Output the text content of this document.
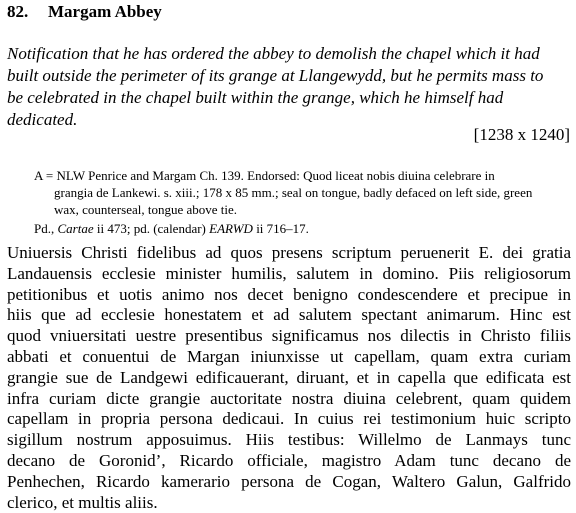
82. Margam Abbey
Notification that he has ordered the abbey to demolish the chapel which it had
built outside the perimeter of its grange at Llangewydd, but he permits mass to
be celebrated in the chapel built within the grange, which he himself had
dedicated.
[1238 x 1240]
A = NLW Penrice and Margam Ch. 139. Endorsed: Quod liceat nobis diuina celebrare in
grangia de Lankewi. s. xiii.; 178 x 85 mm.; seal on tongue, badly defaced on left side, green
wax, counterseal, tongue above tie.
Pd., Cartae ii 473; pd. (calendar) EARWD ii 716–17.
Uniuersis Christi fidelibus ad quos presens scriptum peruenerit E. dei gratia
Landauensis ecclesie minister humilis, salutem in domino. Piis religiosorum
petitionibus et uotis animo nos decet benigno condescendere et precipue in
hiis que ad ecclesie honestatem et ad salutem spectant animarum. Hinc est
quod vniuersitati uestre presentibus significamus nos dilectis in Christo filiis
abbati et conuentui de Margan iniunxisse ut capellam, quam extra curiam
grangie sue de Landgewi edificauerant, diruant, et in capella que edificata est
infra curiam dicte grangie auctoritate nostra diuina celebrent, quam quidem
capellam in propria persona dedicaui. In cuius rei testimonium huic scripto
sigillum nostrum apposuimus. Hiis testibus: Willelmo de Lanmays tunc
decano de Goronid’, Ricardo officiale, magistro Adam tunc decano de
Penhechen, Ricardo kamerario persona de Cogan, Waltero Galun, Galfrido
clerico, et multis aliis.
